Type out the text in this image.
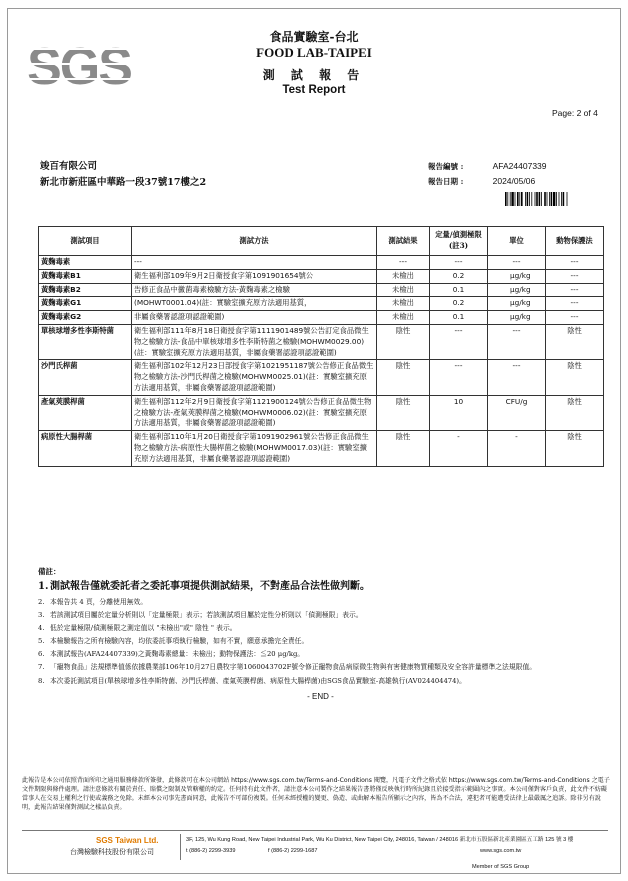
SGS
食品實驗室-台北
FOOD LAB-TAIPEI
測 試 報 告
Test Report
Page: 2 of 4
竣百有限公司
新北市新莊區中華路一段37號17樓之2
報告編號 :	AFA24407339
報告日期 :	2024/05/06
測試項目	測試方法	測試結果	定量/偵測極限(註3)	單位	動物保護法
黃麴毒素	---	---	---	---	---
黃麴毒素B1	衛生福利部109年9月2日衛授食字第1091901654號公	未檢出	0.2	μg/kg	---
黃麴毒素B2	告修正食品中黴菌毒素檢驗方法-黃麴毒素之檢驗	未檢出	0.1	μg/kg	---
黃麴毒素G1	(MOHWT0001.04)(註：實驗室擴充原方法適用基質，	未檢出	0.2	μg/kg	---
黃麴毒素G2	非屬食藥署認證項認證範圍)	未檢出	0.1	μg/kg	---
單核球增多性李斯特菌	衛生福利部111年8月18日衛授食字第1111901489號公告訂定食品微生物之檢驗方法-食品中單核球增多性李斯特菌之檢驗(MOHWM0029.00)(註：實驗室擴充原方法適用基質，非屬食藥署認證項認證範圍)	陰性	---	---	陰性
沙門氏桿菌	衛生福利部102年12月23日部授食字第1021951187號公告修正食品微生物之檢驗方法-沙門氏桿菌之檢驗(MOHWM0025.01)(註：實驗室擴充原方法適用基質，非屬食藥署認證項認證範圍)	陰性	---	---	陰性
產氣莢膜桿菌	衛生福利部112年2月9日衛授食字第1121900124號公告修正食品微生物之檢驗方法-產氣莢膜桿菌之檢驗(MOHWM0006.02)(註：實驗室擴充原方法適用基質，非屬食藥署認證項認證範圍)	陰性	10	CFU/g	陰性
病原性大腸桿菌	衛生福利部110年1月20日衛授食字第1091902961號公告修正食品微生物之檢驗方法-病原性大腸桿菌之檢驗(MOHWM0017.03)(註：實驗室擴充原方法適用基質，非屬食藥署認證項認證範圍)	陰性	-	-	陰性
備註：
1. 測試報告僅就委託者之委託事項提供測試結果，不對產品合法性做判斷。
2. 本報告共 4 頁，分離使用無效。
3. 若該測試項目屬於定量分析則以「定量極限」表示；若該測試項目屬於定性分析則以「偵測極限」表示。
4. 低於定量極限/偵測極限之測定值以 "未檢出"或" 陰性 " 表示。
5. 本檢驗報告之所有檢驗內容，均依委託事項執行檢驗，如有不實，願意承擔完全責任。
6. 本測試報告(AFA24407339)之黃麴毒素總量：未檢出；動物保護法：≦20 μg/kg。
7. 「寵物食品」法規標準值係依據農業部106年10月27日農牧字第1060043702F號令修正寵物食品病原微生物與有害健康物質種類及安全容許量標準之法規限值。
8. 本次委託測試項目(單核球增多性李斯特菌、沙門氏桿菌、產氣莢膜桿菌、病原性大腸桿菌)由SGS食品實驗室-高雄執行(AV024404474)。
- END -
此報告是本公司依照背面所印之通用服務條款所簽發，此條款可在本公司網站 https://www.sgs.com.tw/Terms-and-Conditions 閱覽，凡電子文件之格式依 https://www.sgs.com.tw/Terms-and-Conditions 之電子文件期限與條件處理。請注意條款有關於責任、賠償之限制及管轄權的約定。任何持有此文件者，請注意本公司製作之結果報告書將僅反映執行時所紀錄且於接受指示範圍內之事實。本公司僅對客戶負責，此文件不妨礙當事人在交易上權利之行使或義務之免除。未經本公司事先書面同意，此報告不可部份複製。任何未經授權的變更、偽造、或曲解本報告所顯示之內容，皆為不合法，違犯者可能遭受法律上最嚴厲之追訴。除非另有說明，此報告結果僅對測試之樣品負責。
SGS Taiwan Ltd.
台灣檢驗科技股份有限公司
3F, 125, Wu Kung Road, New Taipei Industrial Park, Wu Ku District, New Taipei City, 248016, Taiwan / 248016 新北市五股區新北產業園區五工路 125 號 3 樓
t (886-2) 2299-3939	f (886-2) 2299-1687	www.sgs.com.tw
Member of SGS Group
